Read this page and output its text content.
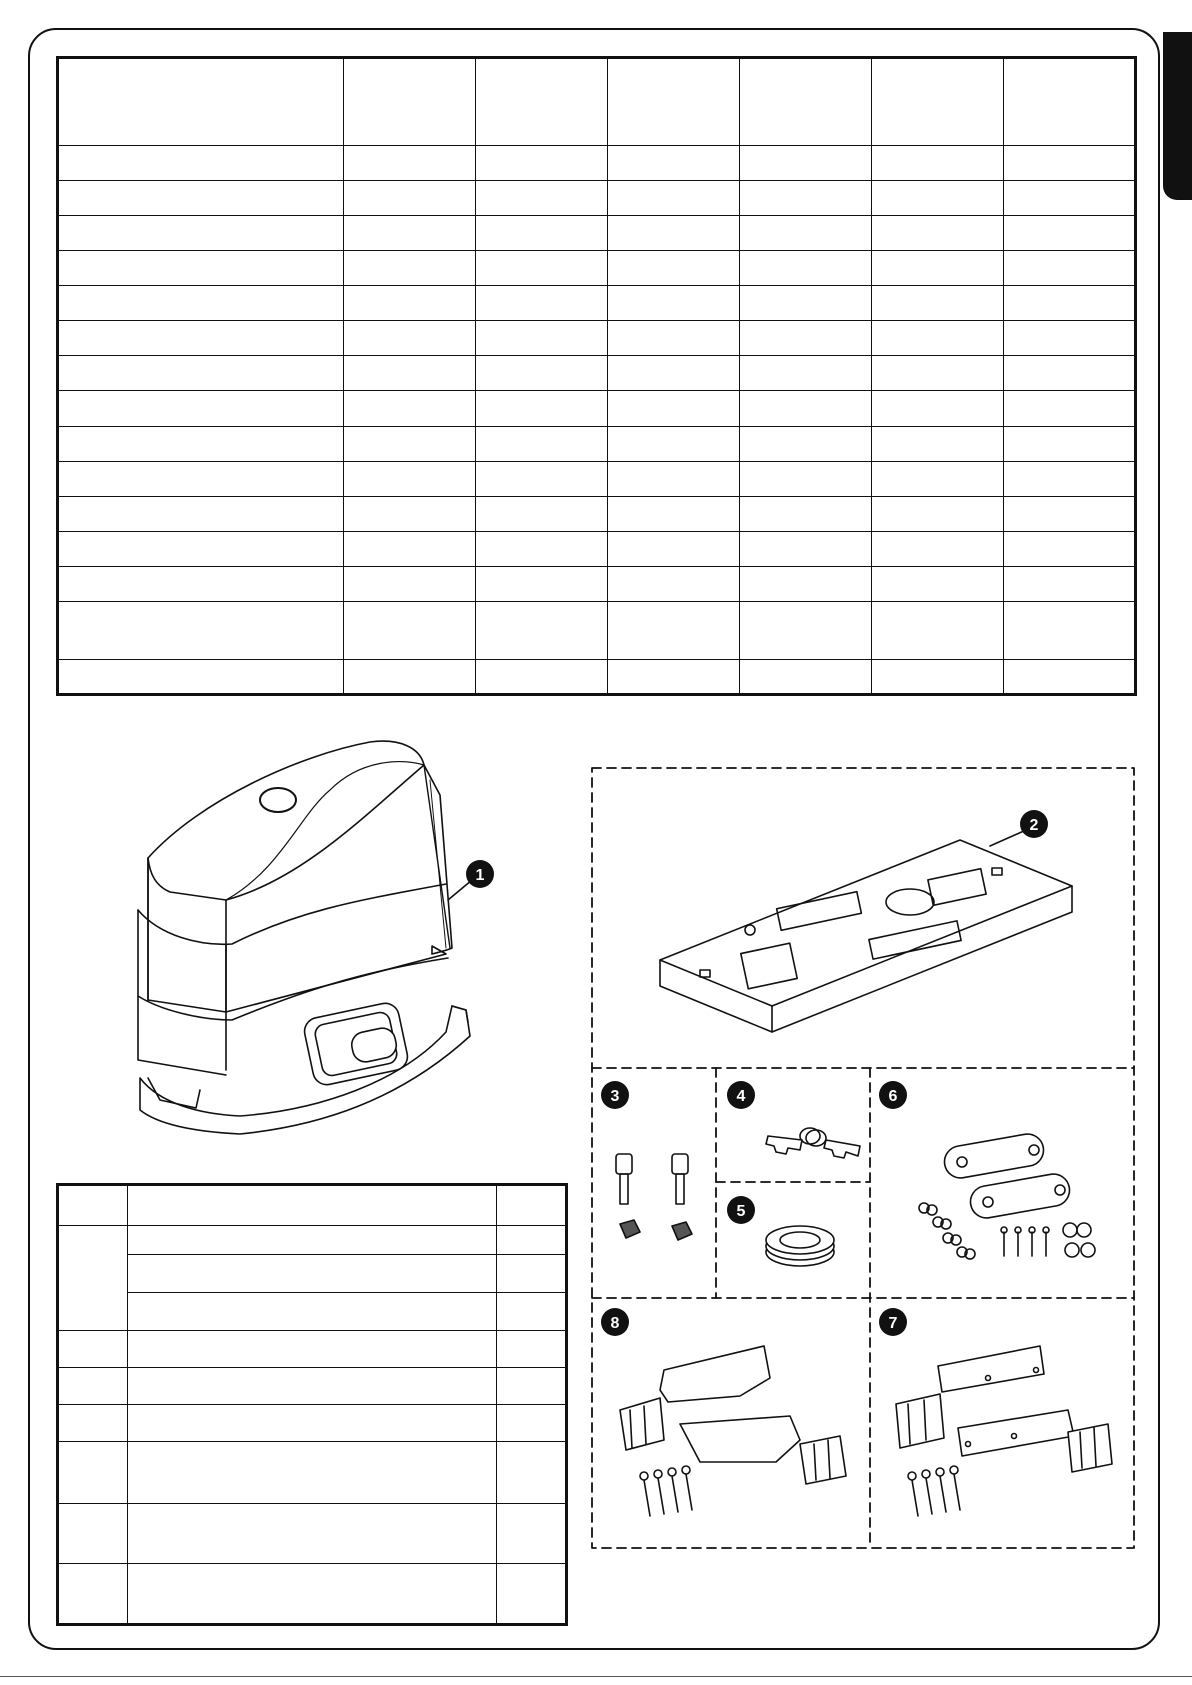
1
2
3	4
5
6
8	7
